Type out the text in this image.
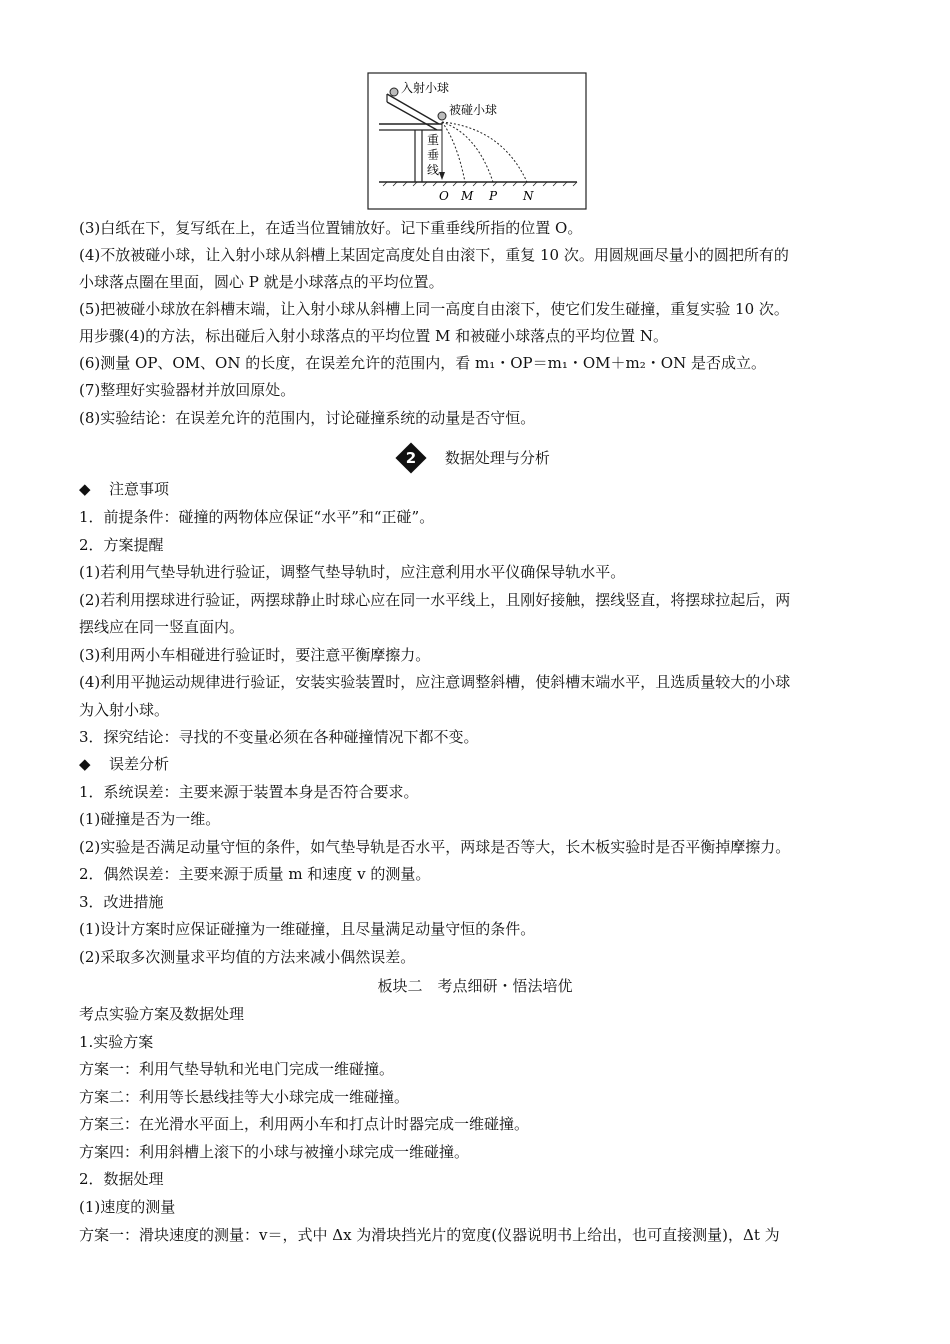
入射小球
被碰小球
重
垂
线
O M P N
(3)白纸在下，复写纸在上，在适当位置铺放好。记下重垂线所指的位置 O。
(4)不放被碰小球，让入射小球从斜槽上某固定高度处自由滚下，重复 10 次。用圆规画尽量小的圆把所有的
小球落点圈在里面，圆心 P 就是小球落点的平均位置。
(5)把被碰小球放在斜槽末端，让入射小球从斜槽上同一高度自由滚下，使它们发生碰撞，重复实验 10 次。
用步骤(4)的方法，标出碰后入射小球落点的平均位置 M 和被碰小球落点的平均位置 N。
(6)测量 OP、OM、ON 的长度，在误差允许的范围内，看 m₁・OP＝m₁・OM＋m₂・ON 是否成立。
(7)整理好实验器材并放回原处。
(8)实验结论：在误差允许的范围内，讨论碰撞系统的动量是否守恒。
2	数据处理与分析
◆ 注意事项
1．前提条件：碰撞的两物体应保证“水平”和“正碰”。
2．方案提醒
(1)若利用气垫导轨进行验证，调整气垫导轨时，应注意利用水平仪确保导轨水平。
(2)若利用摆球进行验证，两摆球静止时球心应在同一水平线上，且刚好接触，摆线竖直，将摆球拉起后，两
摆线应在同一竖直面内。
(3)利用两小车相碰进行验证时，要注意平衡摩擦力。
(4)利用平抛运动规律进行验证，安装实验装置时，应注意调整斜槽，使斜槽末端水平，且选质量较大的小球
为入射小球。
3．探究结论：寻找的不变量必须在各种碰撞情况下都不变。
◆ 误差分析
1．系统误差：主要来源于装置本身是否符合要求。
(1)碰撞是否为一维。
(2)实验是否满足动量守恒的条件，如气垫导轨是否水平，两球是否等大，长木板实验时是否平衡掉摩擦力。
2．偶然误差：主要来源于质量 m 和速度 v 的测量。
3．改进措施
(1)设计方案时应保证碰撞为一维碰撞，且尽量满足动量守恒的条件。
(2)采取多次测量求平均值的方法来减小偶然误差。
板块二　考点细研・悟法培优
考点实验方案及数据处理
1.实验方案
方案一：利用气垫导轨和光电门完成一维碰撞。
方案二：利用等长悬线挂等大小球完成一维碰撞。
方案三：在光滑水平面上，利用两小车和打点计时器完成一维碰撞。
方案四：利用斜槽上滚下的小球与被撞小球完成一维碰撞。
2．数据处理
(1)速度的测量
方案一：滑块速度的测量：v＝，式中 Δx 为滑块挡光片的宽度(仪器说明书上给出，也可直接测量)，Δt 为
